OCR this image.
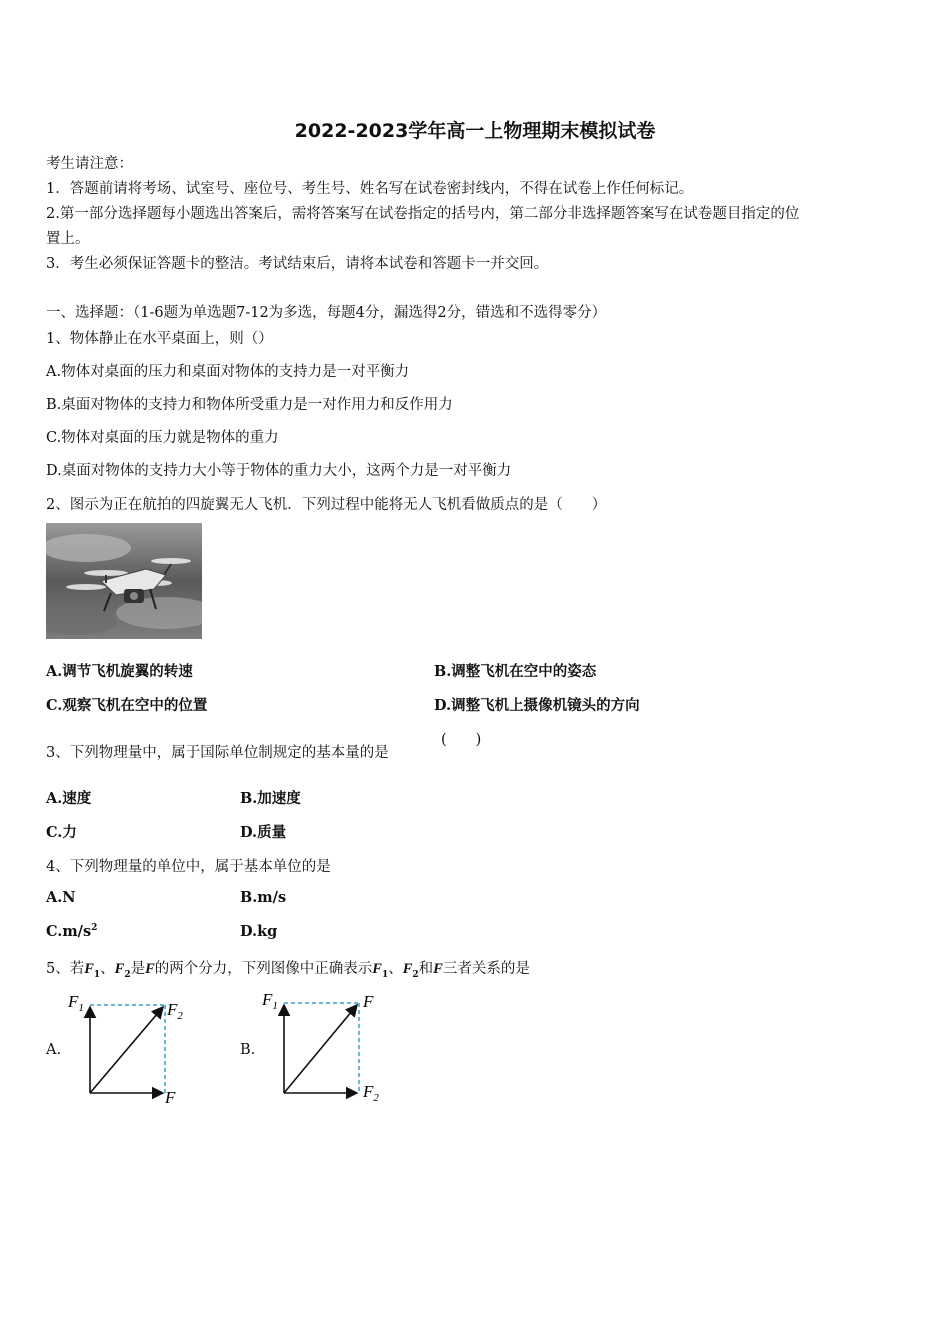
2022-2023学年高一上物理期末模拟试卷
考生请注意：
1．答题前请将考场、试室号、座位号、考生号、姓名写在试卷密封线内，不得在试卷上作任何标记。
2.第一部分选择题每小题选出答案后，需将答案写在试卷指定的括号内，第二部分非选择题答案写在试卷题目指定的位
置上。
3．考生必须保证答题卡的整洁。考试结束后，请将本试卷和答题卡一并交回。
一、选择题：（1-6题为单选题7-12为多选，每题4分，漏选得2分，错选和不选得零分）
1、物体静止在水平桌面上，则（）
A.物体对桌面的压力和桌面对物体的支持力是一对平衡力
B.桌面对物体的支持力和物体所受重力是一对作用力和反作用力
C.物体对桌面的压力就是物体的重力
D.桌面对物体的支持力大小等于物体的重力大小，这两个力是一对平衡力
2、图示为正在航拍的四旋翼无人飞机．下列过程中能将无人飞机看做质点的是（　　）
A.调节飞机旋翼的转速	B.调整飞机在空中的姿态
C.观察飞机在空中的位置	D.调整飞机上摄像机镜头的方向
3、下列物理量中，属于国际单位制规定的基本量的是
(　　)
A.速度	B.加速度
C.力	D.质量
4、下列物理量的单位中，属于基本单位的是
A.N	B.m/s
$C.m/s^2$	D.kg
5、若$F_1$、$F_2$是F的两个分力，下列图像中正确表示$F_1$、$F_2$和F三者关系的是
A.	B.
$F_1$	$F_2$
F
$F_1$	F
$F_2$
